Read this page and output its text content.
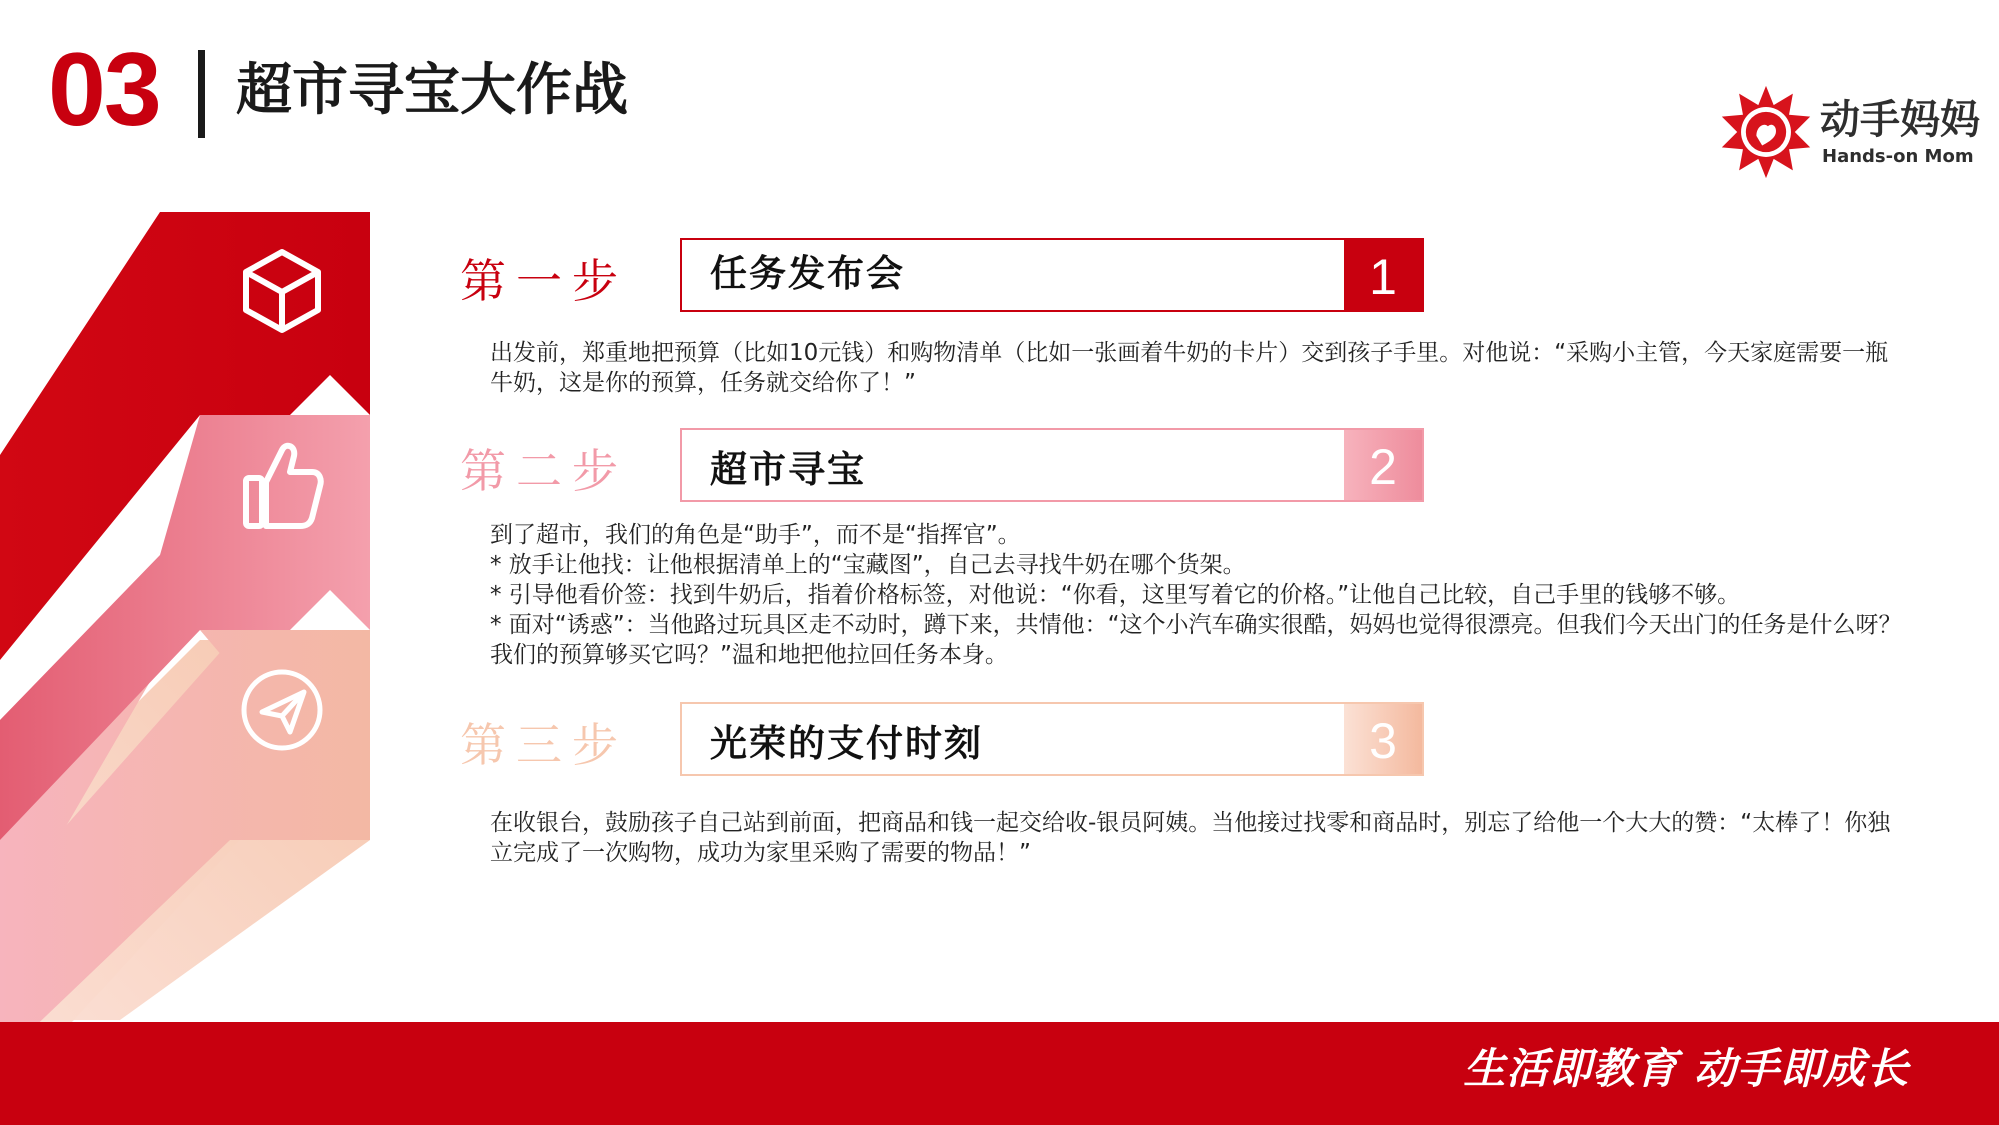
03 超市寻宝大作战	动手妈妈
Hands-on Mom
第一步 任务发布会	1

出发前，郑重地把预算（比如10元钱）和购物清单（比如一张画着牛奶的卡片）交到孩子手里。对他说：“采购小主管，今天家庭需要一瓶牛奶，这是你的预算，任务就交给你了！”

第二步 超市寻宝	2

到了超市，我们的角色是“助手”，而不是“指挥官”。

* 放手让他找：让他根据清单上的“宝藏图”，自己去寻找牛奶在哪个货架。

* 引导他看价签：找到牛奶后，指着价格标签，对他说：“你看，这里写着它的价格。”让他自己比较，自己手里的钱够不够。

* 面对“诱惑”：当他路过玩具区走不动时，蹲下来，共情他：“这个小汽车确实很酷，妈妈也觉得很漂亮。但我们今天出门的任务是什么呀？我们的预算够买它吗？”温和地把他拉回任务本身。

第三步 光荣的支付时刻	3

在收银台，鼓励孩子自己站到前面，把商品和钱一起交给收-银员阿姨。当他接过找零和商品时，别忘了给他一个大大的赞：“太棒了！你独立完成了一次购物，成功为家里采购了需要的物品！”

生活即教育 动手即成长
